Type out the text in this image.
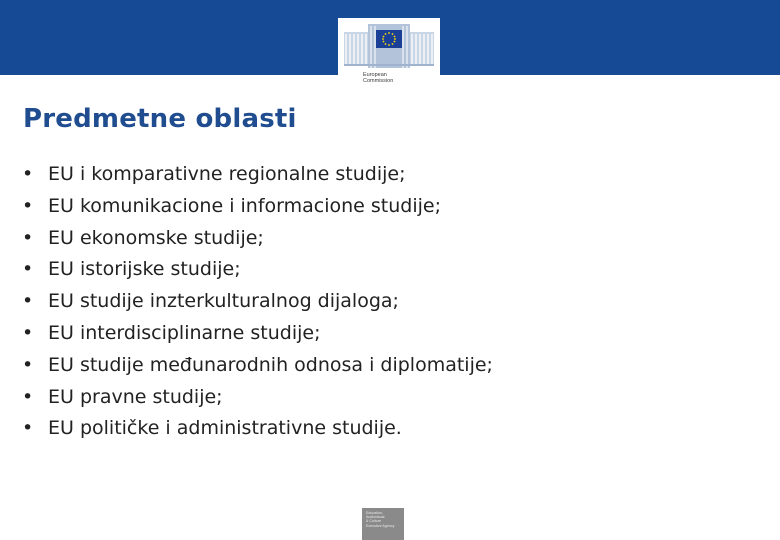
European
Commission
Predmetne oblasti
• EU i komparativne regionalne studije;
• EU komunikacione i informacione studije;
• EU ekonomske studije;
• EU istorijske studije;
• EU studije inzterkulturalnog dijaloga;
• EU interdisciplinarne studije;
• EU studije međunarodnih odnosa i diplomatije;
• EU pravne studije;
• EU političke i administrativne studije.
Education,
Audiovisual
& Culture
Executive Agency
